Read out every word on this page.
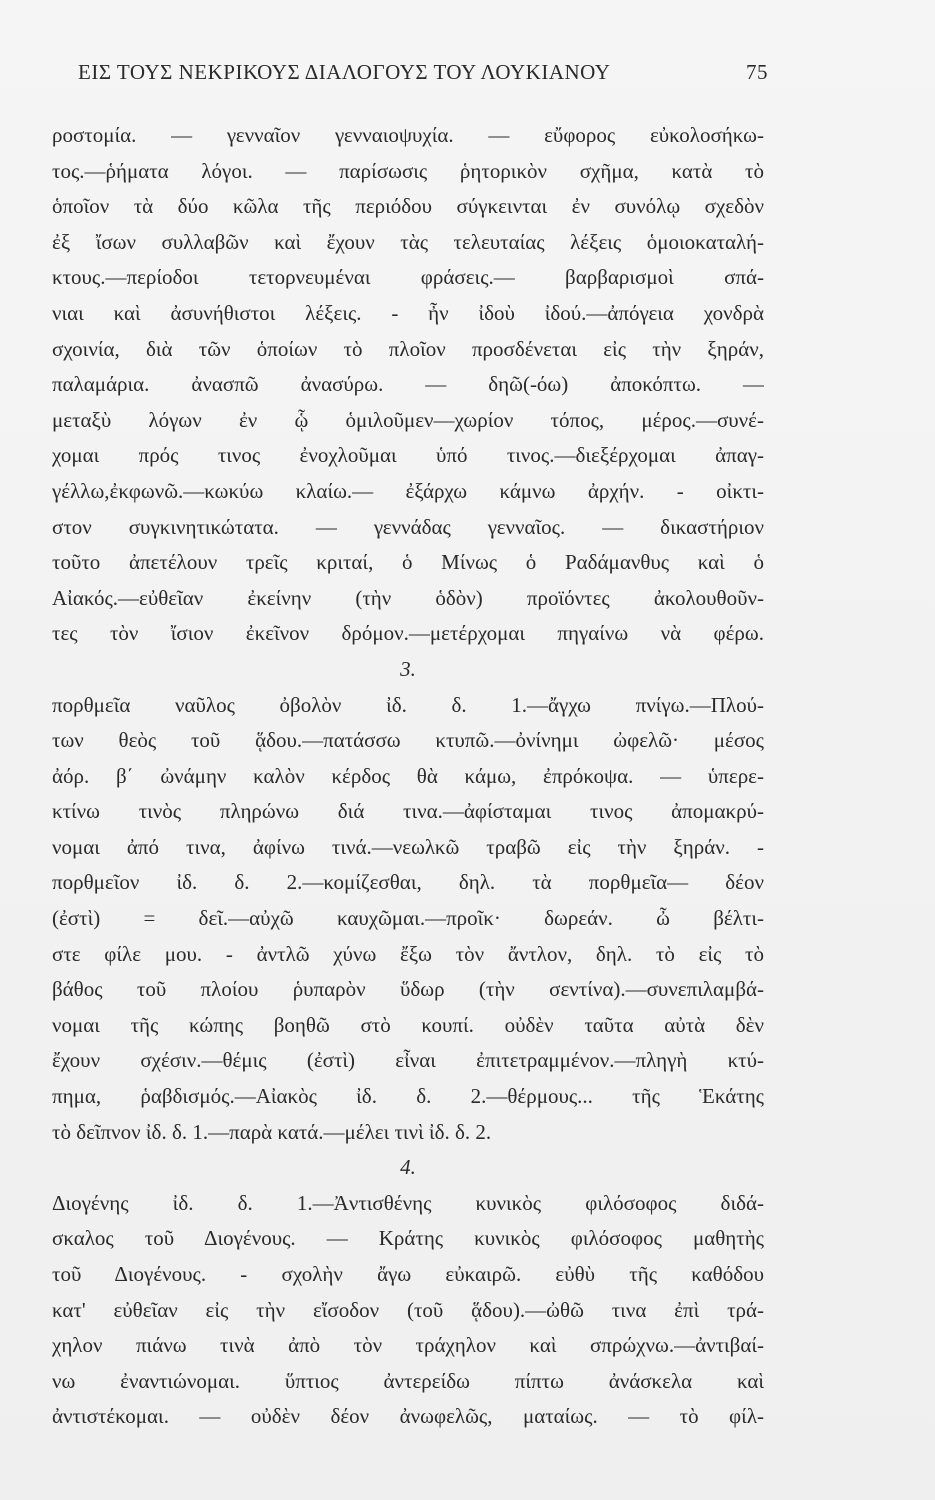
ΕΙΣ ΤΟΥΣ ΝΕΚΡΙΚΟΥΣ ΔΙΑΛΟΓΟΥΣ ΤΟΥ ΛΟΥΚΙΑΝΟΥ	75
ροστομία. — γενναῖον γενναιοψυχία. — εὔφορος εὐκολοσήκω-
τος.—ῥήματα λόγοι. — παρίσωσις ῥητορικὸν σχῆμα, κατὰ τὸ
ὁποῖον τὰ δύο κῶλα τῆς περιόδου σύγκεινται ἐν συνόλῳ σχεδὸν
ἐξ ἴσων συλλαβῶν καὶ ἔχουν τὰς τελευταίας λέξεις ὁμοιοκαταλή-
κτους.—περίοδοι τετορνευμέναι φράσεις.— βαρβαρισμοὶ σπά-
νιαι καὶ ἀσυνήθιστοι λέξεις. - ἦν ἰδοὺ ἰδού.—ἀπόγεια χονδρὰ
σχοινία, διὰ τῶν ὁποίων τὸ πλοῖον προσδένεται εἰς τὴν ξηράν,
παλαμάρια. ἀνασπῶ ἀνασύρω. — δηῶ(-όω) ἀποκόπτω. —
μεταξὺ λόγων ἐν ᾧ ὁμιλοῦμεν—χωρίον τόπος, μέρος.—συνέ-
χομαι πρός τινος ἐνοχλοῦμαι ὑπό τινος.—διεξέρχομαι ἀπαγ-
γέλλω,ἐκφωνῶ.—κωκύω κλαίω.— ἐξάρχω κάμνω ἀρχήν. - οἰκτι-
στον συγκινητικώτατα. — γεννάδας γενναῖος. — δικαστήριον
τοῦτο ἀπετέλουν τρεῖς κριταί, ὁ Μίνως ὁ Ραδάμανθυς καὶ ὁ
Αἰακός.—εὐθεῖαν ἐκείνην (τὴν ὁδὸν) προϊόντες ἀκολουθοῦν-
τες τὸν ἴσιον ἐκεῖνον δρόμον.—μετέρχομαι πηγαίνω νὰ φέρω.
3.
πορθμεῖα ναῦλος ὀβολὸν ἰδ. δ. 1.—ἄγχω πνίγω.—Πλού-
των θεὸς τοῦ ᾅδου.—πατάσσω κτυπῶ.—ὀνίνημι ὠφελῶ· μέσος
ἀόρ. β΄ ὠνάμην καλὸν κέρδος θὰ κάμω, ἐπρόκοψα. — ὑπερε-
κτίνω τινὸς πληρώνω διά τινα.—ἀφίσταμαι τινος ἀπομακρύ-
νομαι ἀπό τινα, ἀφίνω τινά.—νεωλκῶ τραβῶ εἰς τὴν ξηράν. -
πορθμεῖον ἰδ. δ. 2.—κομίζεσθαι, δηλ. τὰ πορθμεῖα— δέον
(ἐστὶ) = δεῖ.—αὐχῶ καυχῶμαι.—προῖκ· δωρεάν. ὦ βέλτι-
στε φίλε μου. - ἀντλῶ χύνω ἔξω τὸν ἄντλον, δηλ. τὸ εἰς τὸ
βάθος τοῦ πλοίου ῥυπαρὸν ὕδωρ (τὴν σεντίνα).—συνεπιλαμβά-
νομαι τῆς κώπης βοηθῶ στὸ κουπί. οὐδὲν ταῦτα αὐτὰ δὲν
ἔχουν σχέσιν.—θέμις (ἐστὶ) εἶναι ἐπιτετραμμένον.—πληγὴ κτύ-
πημα, ῥαβδισμός.—Αἰακὸς ἰδ. δ. 2.—θέρμους... τῆς Ἑκάτης
τὸ δεῖπνον ἰδ. δ. 1.—παρὰ κατά.—μέλει τινὶ ἰδ. δ. 2.
4.
Διογένης ἰδ. δ. 1.—Ἀντισθένης κυνικὸς φιλόσοφος διδά-
σκαλος τοῦ Διογένους. — Κράτης κυνικὸς φιλόσοφος μαθητὴς
τοῦ Διογένους. - σχολὴν ἄγω εὐκαιρῶ. εὐθὺ τῆς καθόδου
κατ' εὐθεῖαν εἰς τὴν εἴσοδον (τοῦ ᾅδου).—ὠθῶ τινα ἐπὶ τρά-
χηλον πιάνω τινὰ ἀπὸ τὸν τράχηλον καὶ σπρώχνω.—ἀντιβαί-
νω ἐναντιώνομαι. ὕπτιος ἀντερείδω πίπτω ἀνάσκελα καὶ
ἀντιστέκομαι. — οὐδὲν δέον ἀνωφελῶς, ματαίως. — τὸ φίλ-
